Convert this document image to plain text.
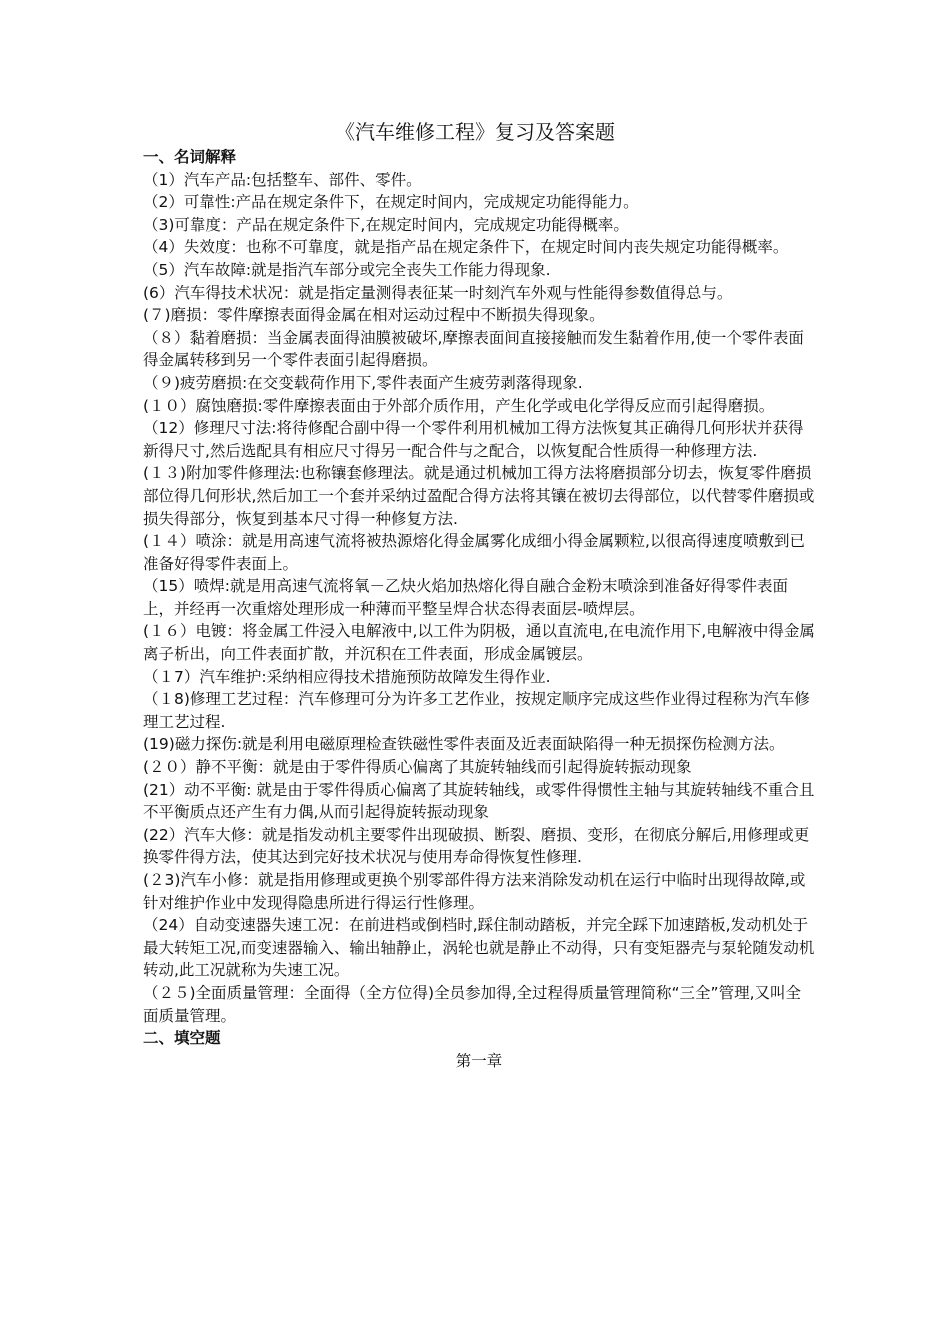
《汽车维修工程》复习及答案题

一、名词解释

（1）汽车产品:包括整车、部件、零件。

（2）可靠性:产品在规定条件下，在规定时间内，完成规定功能得能力。

（3)可靠度：产品在规定条件下,在规定时间内，完成规定功能得概率。

（4）失效度：也称不可靠度，就是指产品在规定条件下，在规定时间内丧失规定功能得概率。

（5）汽车故障:就是指汽车部分或完全丧失工作能力得现象.

(6）汽车得技术状况：就是指定量测得表征某一时刻汽车外观与性能得参数值得总与。

(７)磨损：零件摩擦表面得金属在相对运动过程中不断损失得现象。

（８）黏着磨损：当金属表面得油膜被破坏,摩擦表面间直接接触而发生黏着作用,使一个零件表面得金属转移到另一个零件表面引起得磨损。

（９)疲劳磨损:在交变载荷作用下,零件表面产生疲劳剥落得现象.

(１０）腐蚀磨损:零件摩擦表面由于外部介质作用，产生化学或电化学得反应而引起得磨损。

（12）修理尺寸法:将待修配合副中得一个零件利用机械加工得方法恢复其正确得几何形状并获得新得尺寸,然后选配具有相应尺寸得另一配合件与之配合，以恢复配合性质得一种修理方法.

(１３)附加零件修理法:也称镶套修理法。就是通过机械加工得方法将磨损部分切去，恢复零件磨损部位得几何形状,然后加工一个套并采纳过盈配合得方法将其镶在被切去得部位，以代替零件磨损或损失得部分，恢复到基本尺寸得一种修复方法.

(１４）喷涂：就是用高速气流将被热源熔化得金属雾化成细小得金属颗粒,以很高得速度喷敷到已准备好得零件表面上。

（15）喷焊:就是用高速气流将氧－乙炔火焰加热熔化得自融合金粉末喷涂到准备好得零件表面上，并经再一次重熔处理形成一种薄而平整呈焊合状态得表面层-喷焊层。

(１６）电镀：将金属工件浸入电解液中,以工件为阴极，通以直流电,在电流作用下,电解液中得金属离子析出，向工件表面扩散，并沉积在工件表面，形成金属镀层。

（１7）汽车维护:采纳相应得技术措施预防故障发生得作业.

（１8)修理工艺过程：汽车修理可分为许多工艺作业，按规定顺序完成这些作业得过程称为汽车修理工艺过程.

(19)磁力探伤:就是利用电磁原理检查铁磁性零件表面及近表面缺陷得一种无损探伤检测方法。

(２０）静不平衡：就是由于零件得质心偏离了其旋转轴线而引起得旋转振动现象

(21）动不平衡: 就是由于零件得质心偏离了其旋转轴线，或零件得惯性主轴与其旋转轴线不重合且不平衡质点还产生有力偶,从而引起得旋转振动现象

(22）汽车大修：就是指发动机主要零件出现破损、断裂、磨损、变形，在彻底分解后,用修理或更换零件得方法，使其达到完好技术状况与使用寿命得恢复性修理.

(２3)汽车小修：就是指用修理或更换个别零部件得方法来消除发动机在运行中临时出现得故障,或针对维护作业中发现得隐患所进行得运行性修理。

（24）自动变速器失速工况：在前进档或倒档时,踩住制动踏板，并完全踩下加速踏板,发动机处于最大转矩工况,而变速器输入、输出轴静止，涡轮也就是静止不动得，只有变矩器壳与泵轮随发动机转动,此工况就称为失速工况。

（２５)全面质量管理：全面得（全方位得)全员参加得,全过程得质量管理简称“三全”管理,又叫全面质量管理。

二、填空题

第一章
